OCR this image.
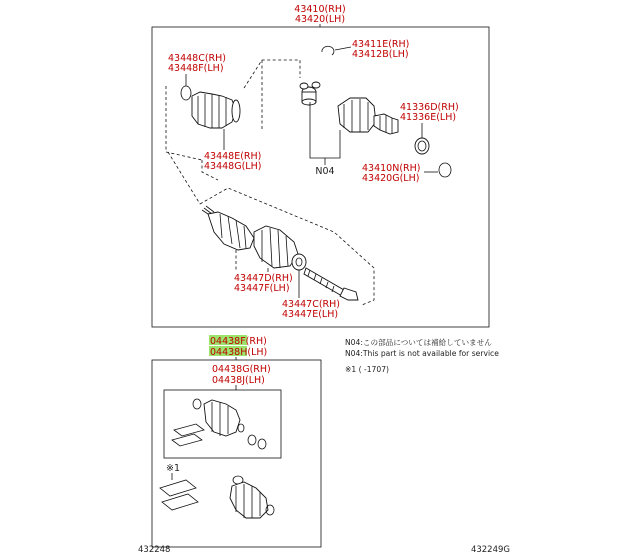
43410(RH)
43420(LH)
43411E(RH)
43412B(LH)
43448C(RH)
43448F(LH)
43448E(RH)
43448G(LH)	N04
41336D(RH)
41336E(LH)
43410N(RH)
43420G(LH)
43447D(RH)
43447F(LH)
43447C(RH)
43447E(LH)
04438F(RH)
04438H(LH)
04438G(RH)
04438J(LH)
※1
N04:この部品については補給していません
N04:This part is not available for service
※1 ( -1707)
432248	432249G
